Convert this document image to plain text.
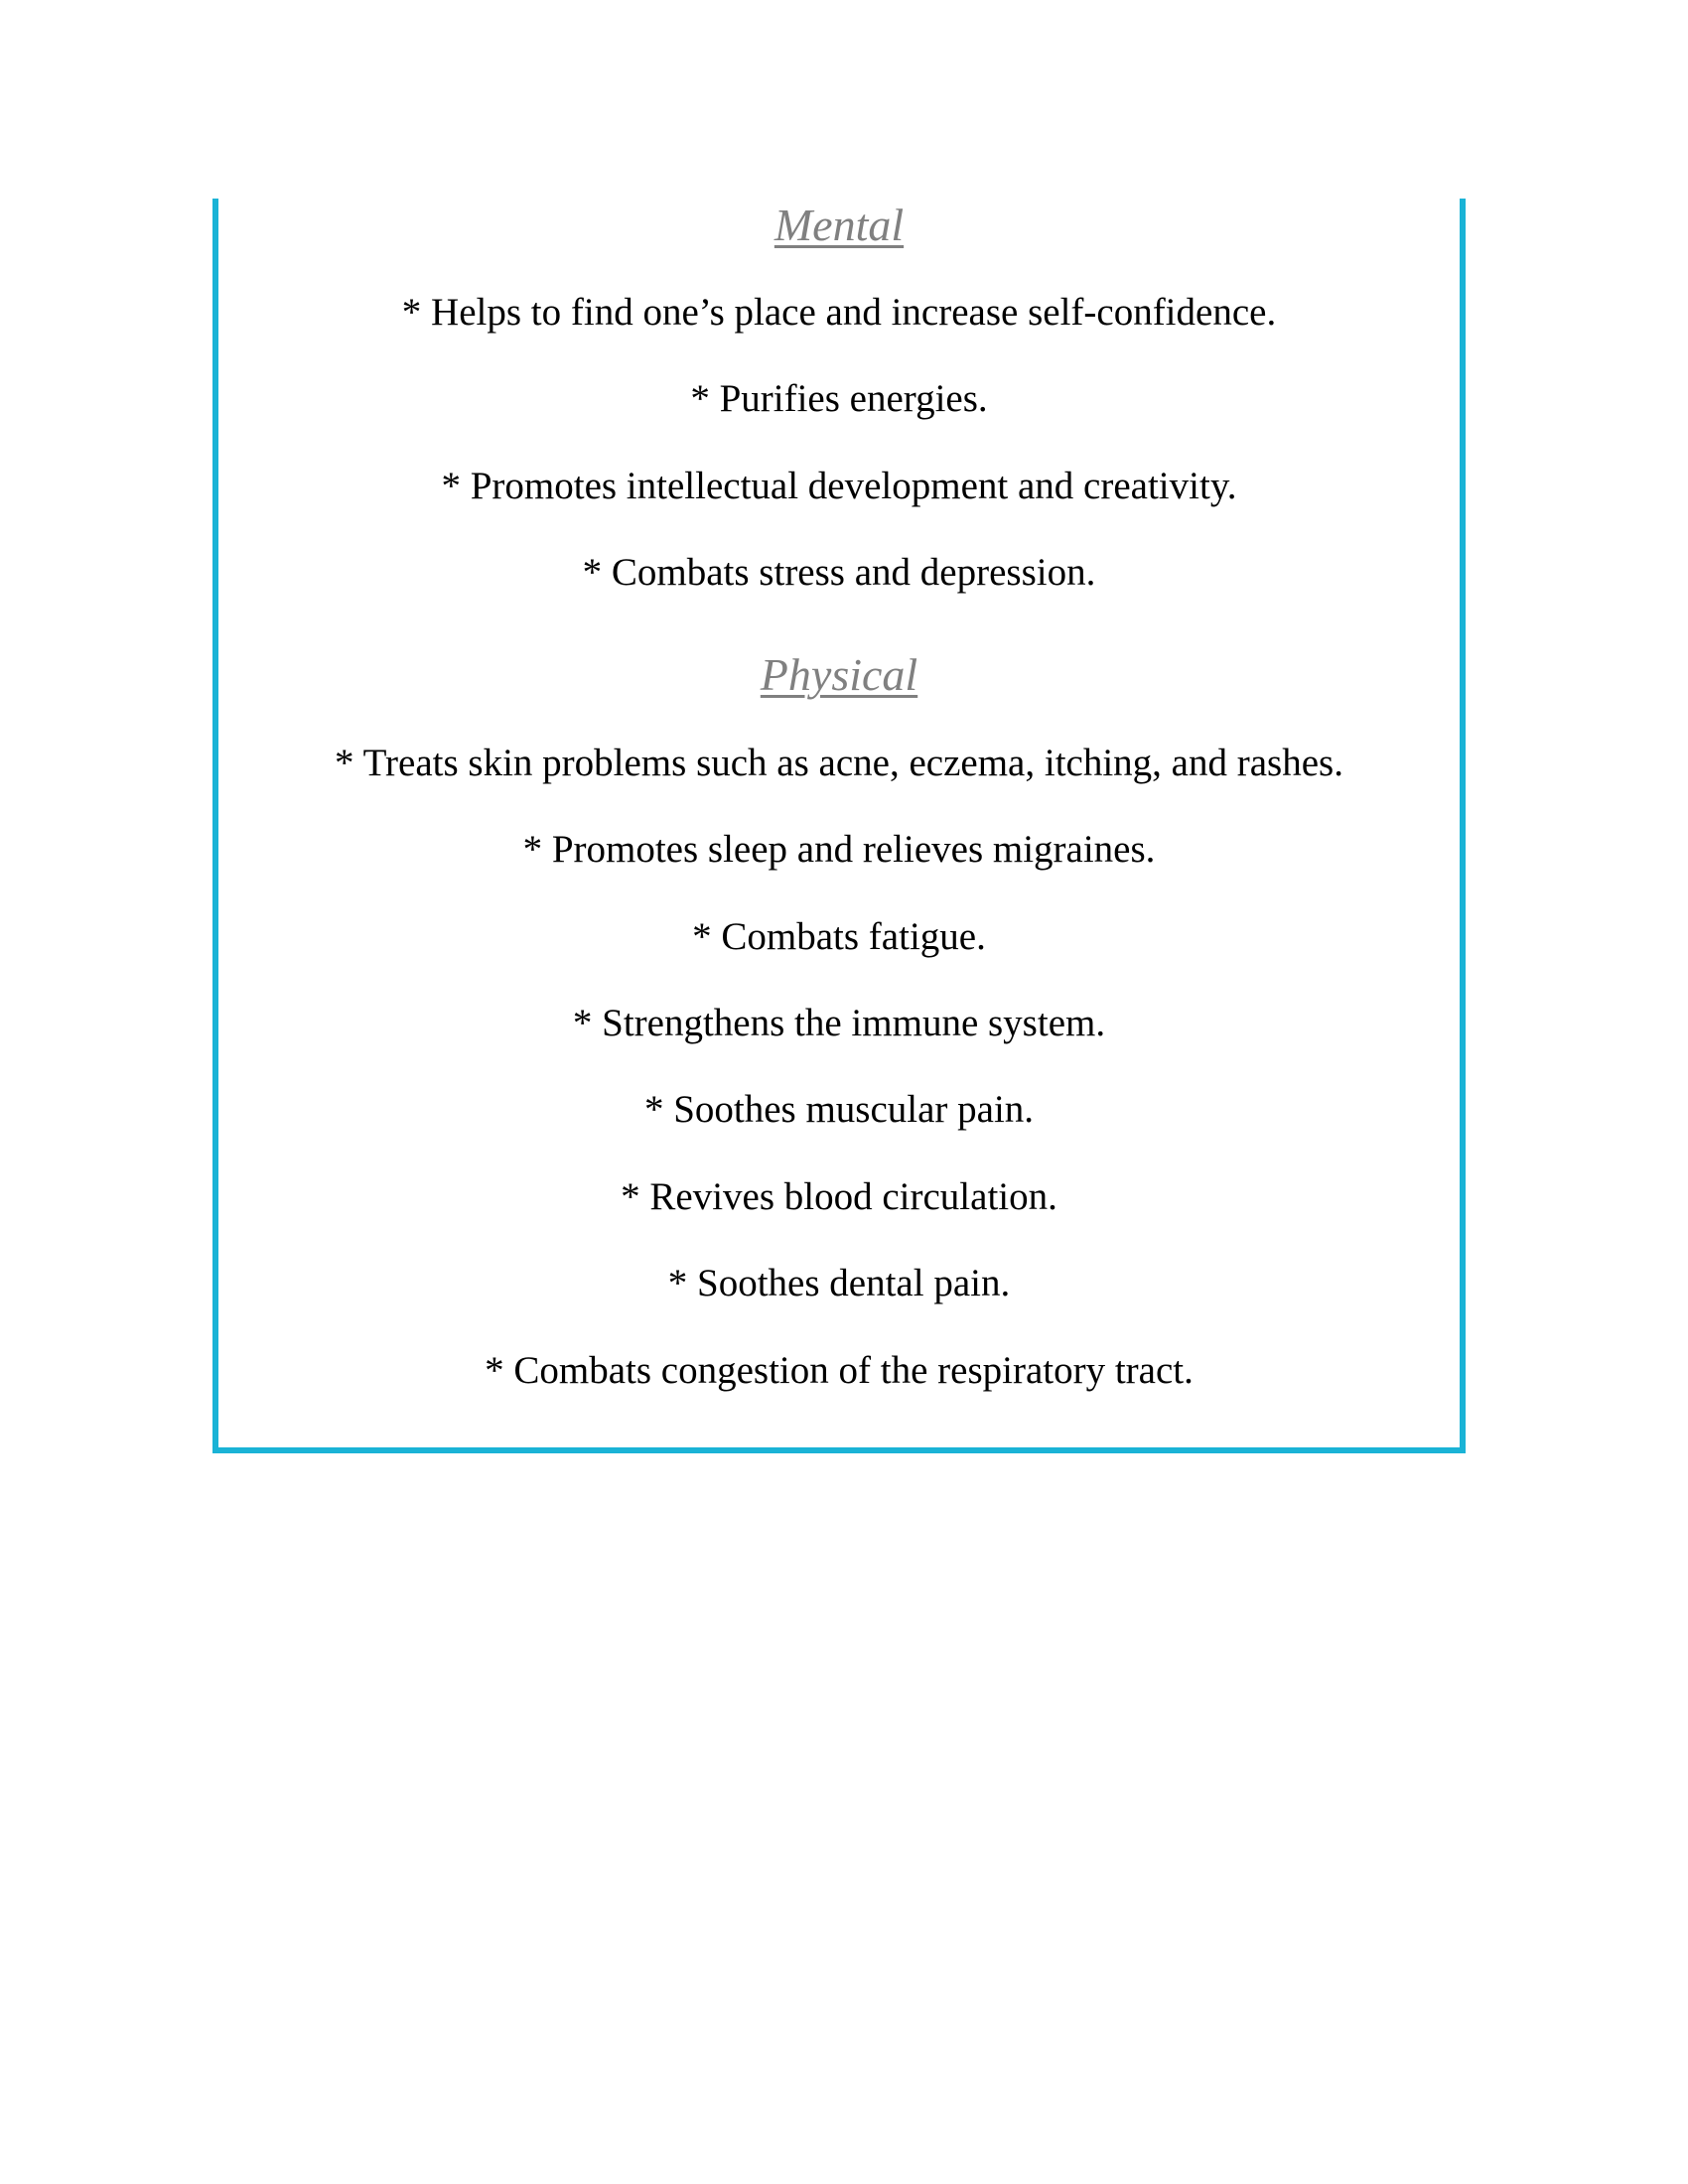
Mental
* Helps to find one’s place and increase self-confidence.
* Purifies energies.
* Promotes intellectual development and creativity.
* Combats stress and depression.
Physical
* Treats skin problems such as acne, eczema, itching, and rashes.
* Promotes sleep and relieves migraines.
* Combats fatigue.
* Strengthens the immune system.
* Soothes muscular pain.
* Revives blood circulation.
* Soothes dental pain.
* Combats congestion of the respiratory tract.
